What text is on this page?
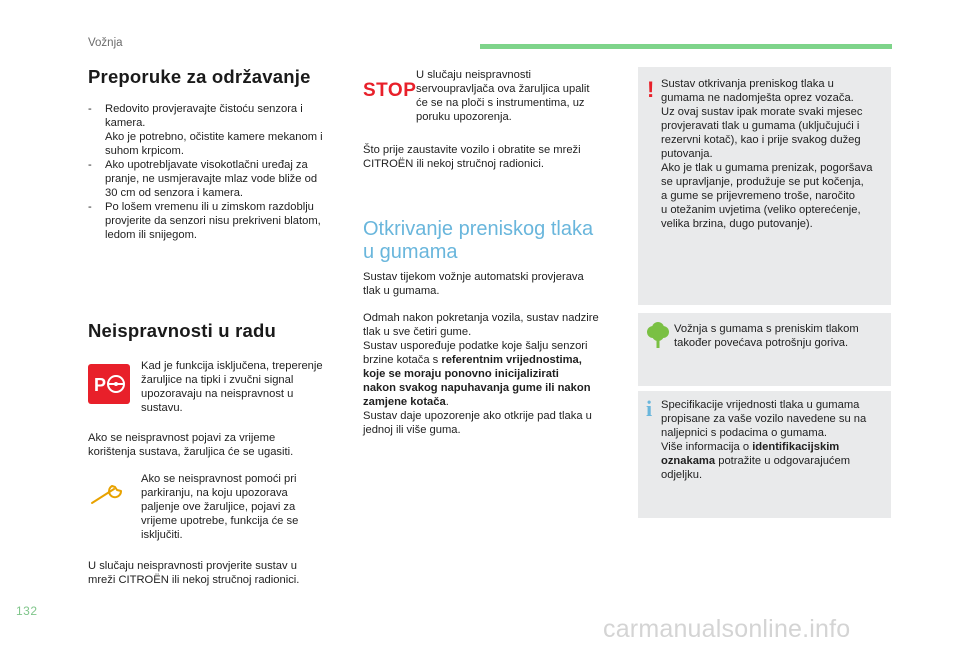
Vožnja
Preporuke za održavanje
- Redovito provjeravajte čistoću senzora i
kamera.
Ako je potrebno, očistite kamere mekanom i
suhom krpicom.
- Ako upotrebljavate visokotlačni uređaj za
pranje, ne usmjeravajte mlaz vode bliže od
30 cm od senzora i kamera.
- Po lošem vremenu ili u zimskom razdoblju
provjerite da senzori nisu prekriveni blatom,
ledom ili snijegom.
Neispravnosti u radu
P
Kad je funkcija isključena, treperenje
žaruljice na tipki i zvučni signal
upozoravaju na neispravnost u
sustavu.
Ako se neispravnost pojavi za vrijeme
korištenja sustava, žaruljica će se ugasiti.
Ako se neispravnost pomoći pri
parkiranju, na koju upozorava
paljenje ove žaruljice, pojavi za
vrijeme upotrebe, funkcija će se
isključiti.
U slučaju neispravnosti provjerite sustav u
mreži CITROËN ili nekoj stručnoj radionici.
STOP
U slučaju neispravnosti
servoupravljača ova žaruljica upalit
će se na ploči s instrumentima, uz
poruku upozorenja.
Što prije zaustavite vozilo i obratite se mreži
CITROËN ili nekoj stručnoj radionici.
Otkrivanje preniskog tlaka
u gumama
Sustav tijekom vožnje automatski provjerava
tlak u gumama.
Odmah nakon pokretanja vozila, sustav nadzire
tlak u sve četiri gume.
Sustav uspoređuje podatke koje šalju senzori
brzine kotača s referentnim vrijednostima,
koje se moraju ponovno inicijalizirati
nakon svakog napuhavanja gume ili nakon
zamjene kotača.
Sustav daje upozorenje ako otkrije pad tlaka u
jednoj ili više guma.
! Sustav otkrivanja preniskog tlaka u
gumama ne nadomješta oprez vozača.
Uz ovaj sustav ipak morate svaki mjesec
provjeravati tlak u gumama (uključujući i
rezervni kotač), kao i prije svakog dužeg
putovanja.
Ako je tlak u gumama prenizak, pogoršava
se upravljanje, produžuje se put kočenja,
a gume se prijevremeno troše, naročito
u otežanim uvjetima (veliko opterećenje,
velika brzina, dugo putovanje).
Vožnja s gumama s preniskim tlakom
također povećava potrošnju goriva.
i Specifikacije vrijednosti tlaka u gumama
propisane za vaše vozilo navedene su na
naljepnici s podacima o gumama.
Više informacija o identifikacijskim
oznakama potražite u odgovarajućem
odjeljku.
132
carmanualsonline.info
